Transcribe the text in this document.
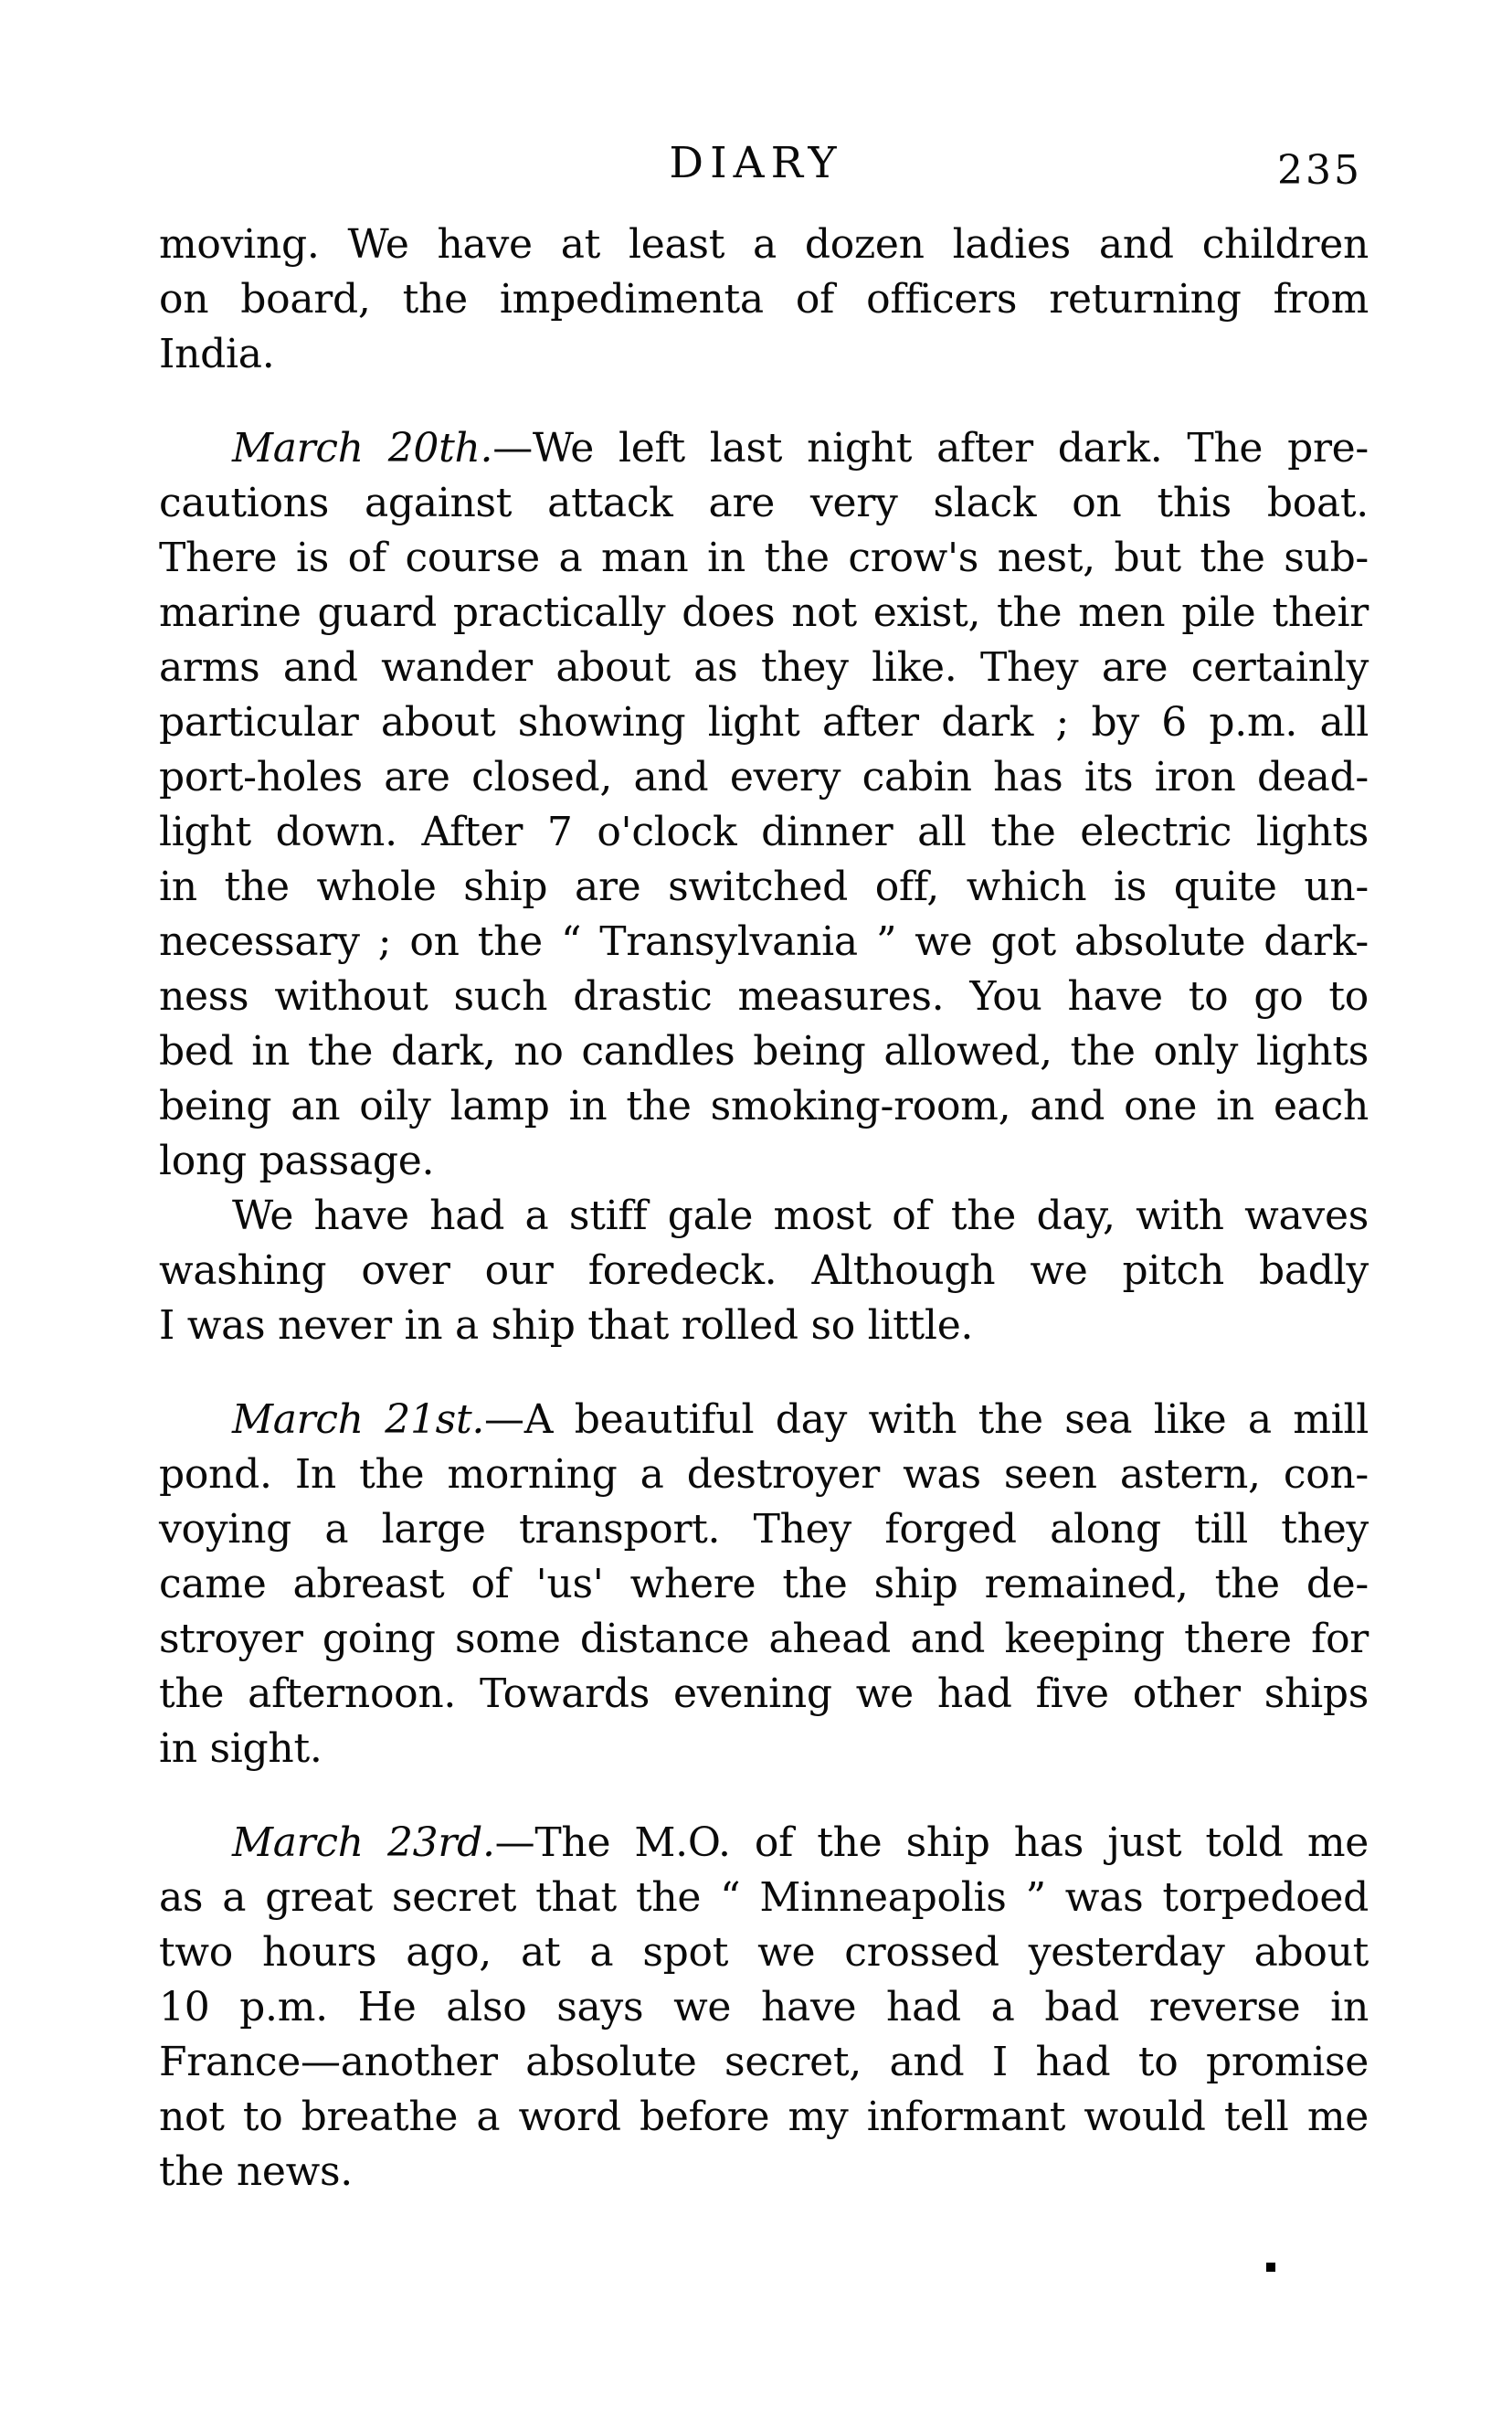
DIARY	235

moving. We have at least a dozen ladies and children

on board, the impedimenta of officers returning from

India.

March 20th.—We left last night after dark. The pre-

cautions against attack are very slack on this boat.

There is of course a man in the crow's nest, but the sub-

marine guard practically does not exist, the men pile their

arms and wander about as they like. They are certainly

particular about showing light after dark ; by 6 p.m. all

port-holes are closed, and every cabin has its iron dead-

light down. After 7 o'clock dinner all the electric lights

in the whole ship are switched off, which is quite un-

necessary ; on the “ Transylvania ” we got absolute dark-

ness without such drastic measures. You have to go to

bed in the dark, no candles being allowed, the only lights

being an oily lamp in the smoking-room, and one in each

long passage.

We have had a stiff gale most of the day, with waves

washing over our foredeck. Although we pitch badly

I was never in a ship that rolled so little.

March 21st.—A beautiful day with the sea like a mill

pond. In the morning a destroyer was seen astern, con-

voying a large transport. They forged along till they

came abreast of 'us' where the ship remained, the de-

stroyer going some distance ahead and keeping there for

the afternoon. Towards evening we had five other ships

in sight.

March 23rd.—The M.O. of the ship has just told me

as a great secret that the “ Minneapolis ” was torpedoed

two hours ago, at a spot we crossed yesterday about

10 p.m. He also says we have had a bad reverse in

France—another absolute secret, and I had to promise

not to breathe a word before my informant would tell me

the news.
